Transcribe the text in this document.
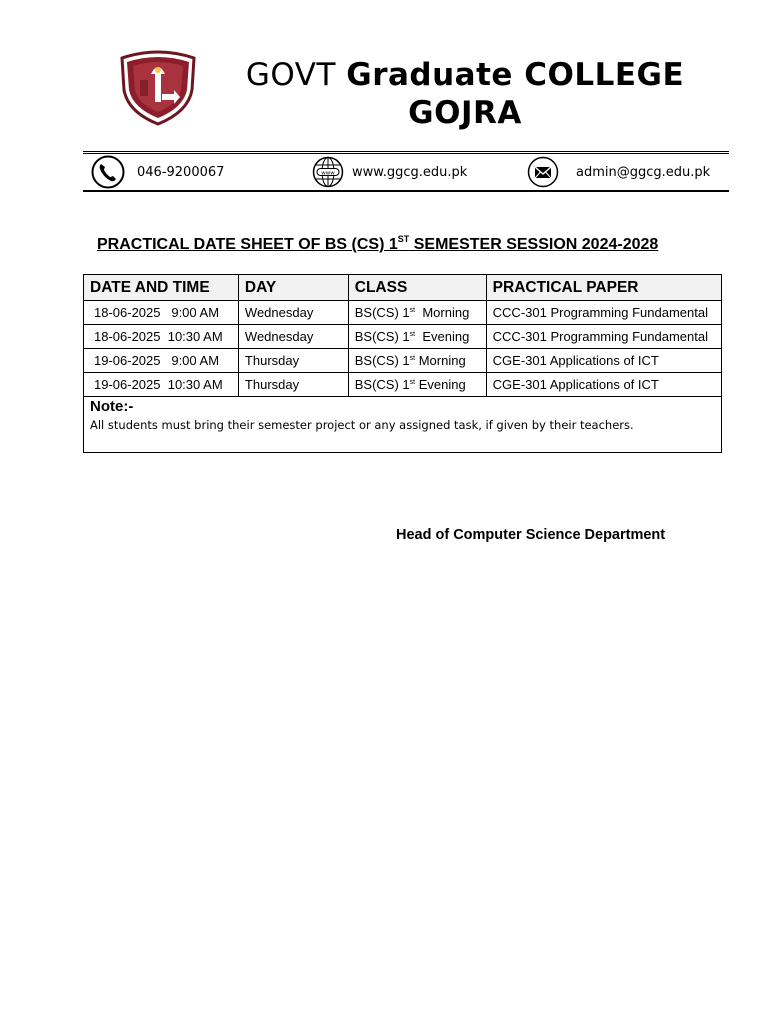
GOVT Graduate COLLEGE
GOJRA
046-9200067	www www.ggcg.edu.pk	admin@ggcg.edu.pk
PRACTICAL DATE SHEET OF BS (CS) 1ST SEMESTER SESSION 2024-2028
DATE AND TIME	DAY	CLASS	PRACTICAL PAPER
18-06-2025   9:00 AM	Wednesday	BS(CS) 1st  Morning	CCC-301 Programming Fundamental
18-06-2025  10:30 AM	Wednesday	BS(CS) 1st  Evening	CCC-301 Programming Fundamental
19-06-2025   9:00 AM	Thursday	BS(CS) 1st Morning	CGE-301 Applications of ICT
19-06-2025  10:30 AM	Thursday	BS(CS) 1st Evening	CGE-301 Applications of ICT

Note:-
All students must bring their semester project or any assigned task, if given by their teachers.			
Head of Computer Science Department
